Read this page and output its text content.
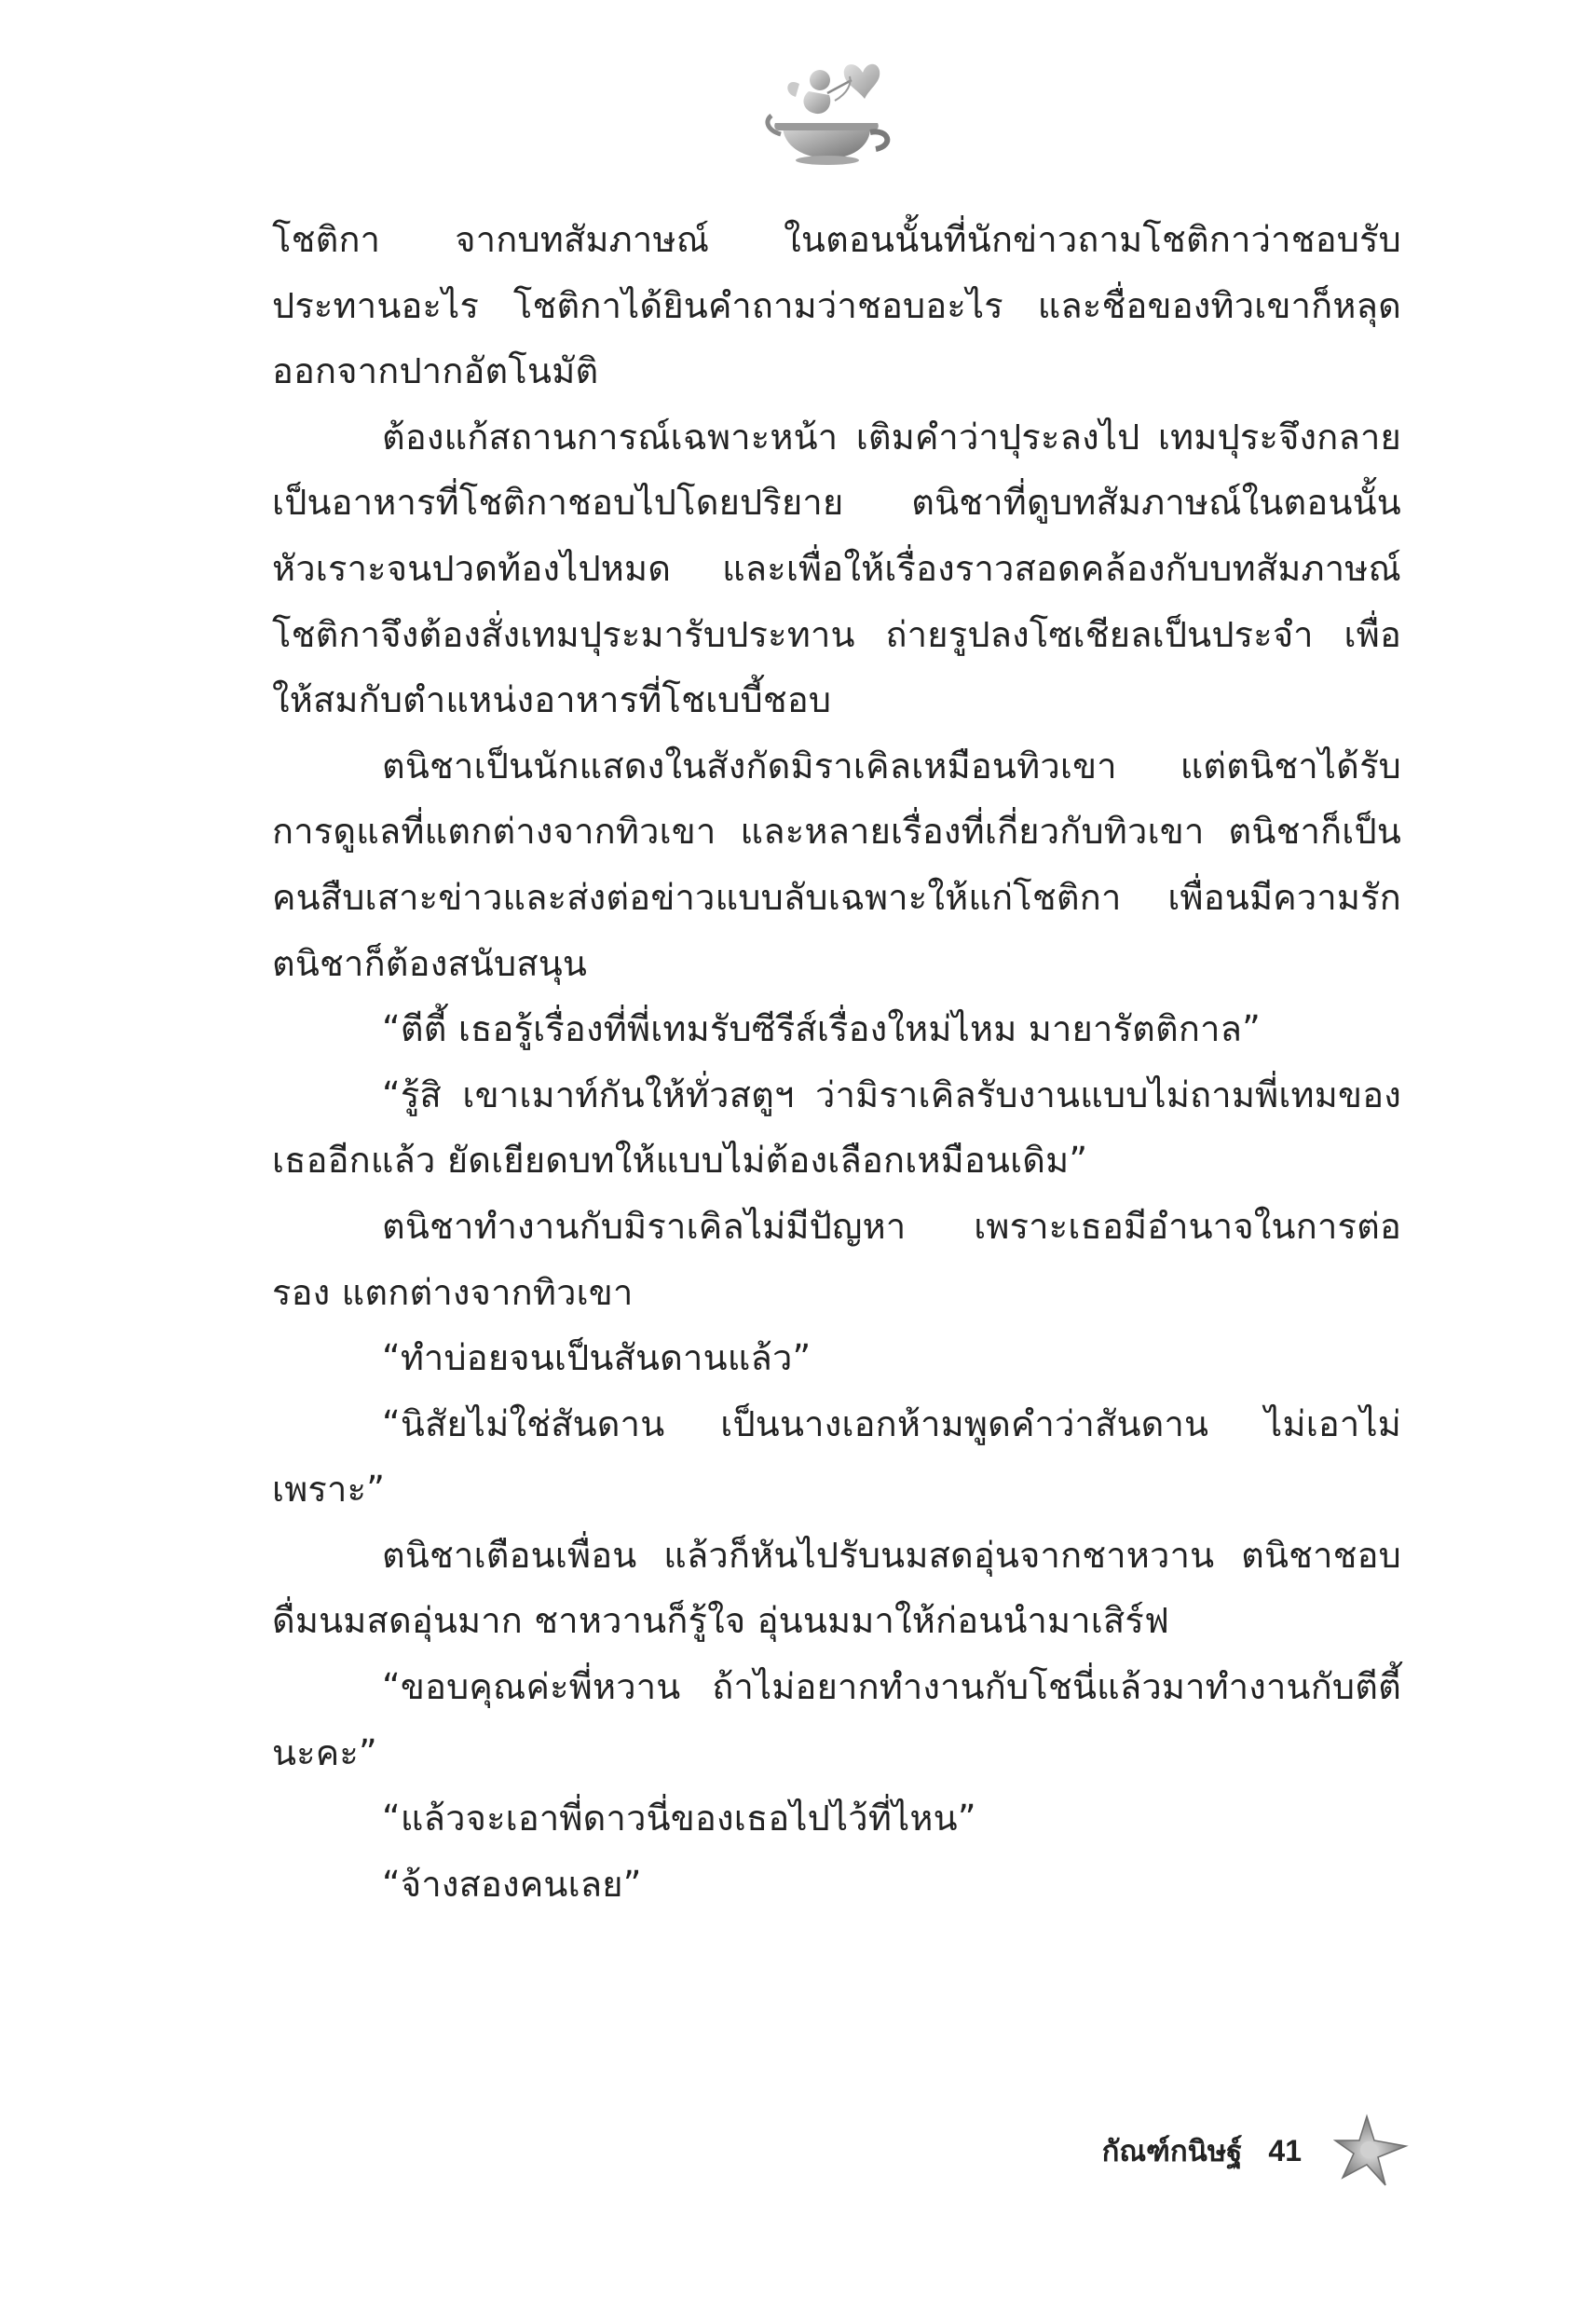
โชติกา จากบทสัมภาษณ์ ในตอนนั้นที่นักข่าวถามโชติกาว่าชอบรับประทานอะไร โชติกาได้ยินคำถามว่าชอบอะไร และชื่อของทิวเขาก็หลุดออกจากปากอัตโนมัติ

ต้องแก้สถานการณ์เฉพาะหน้า เติมคำว่าปุระลงไป เทมปุระจึงกลายเป็นอาหารที่โชติกาชอบไปโดยปริยาย ตนิชาที่ดูบทสัมภาษณ์ในตอนนั้น หัวเราะจนปวดท้องไปหมด และเพื่อให้เรื่องราวสอดคล้องกับบทสัมภาษณ์ โชติกาจึงต้องสั่งเทมปุระมารับประทาน ถ่ายรูปลงโซเชียลเป็นประจำ เพื่อให้สมกับตำแหน่งอาหารที่โชเบบี้ชอบ

ตนิชาเป็นนักแสดงในสังกัดมิราเคิลเหมือนทิวเขา แต่ตนิชาได้รับการดูแลที่แตกต่างจากทิวเขา และหลายเรื่องที่เกี่ยวกับทิวเขา ตนิชาก็เป็นคนสืบเสาะข่าวและส่งต่อข่าวแบบลับเฉพาะให้แก่โชติกา เพื่อนมีความรัก ตนิชาก็ต้องสนับสนุน

“ตีตี้ เธอรู้เรื่องที่พี่เทมรับซีรีส์เรื่องใหม่ไหม มายารัตติกาล”

“รู้สิ เขาเมาท์กันให้ทั่วสตูฯ ว่ามิราเคิลรับงานแบบไม่ถามพี่เทมของเธออีกแล้ว ยัดเยียดบทให้แบบไม่ต้องเลือกเหมือนเดิม”

ตนิชาทำงานกับมิราเคิลไม่มีปัญหา เพราะเธอมีอำนาจในการต่อรอง แตกต่างจากทิวเขา

“ทำบ่อยจนเป็นสันดานแล้ว”

“นิสัยไม่ใช่สันดาน เป็นนางเอกห้ามพูดคำว่าสันดาน ไม่เอาไม่เพราะ”

ตนิชาเตือนเพื่อน แล้วก็หันไปรับนมสดอุ่นจากชาหวาน ตนิชาชอบดื่มนมสดอุ่นมาก ชาหวานก็รู้ใจ อุ่นนมมาให้ก่อนนำมาเสิร์ฟ

“ขอบคุณค่ะพี่หวาน ถ้าไม่อยากทำงานกับโชนี่แล้วมาทำงานกับตีตี้นะคะ”

“แล้วจะเอาพี่ดาวนี่ของเธอไปไว้ที่ไหน”

“จ้างสองคนเลย”

กัณฑ์กนิษฐ์ 41
